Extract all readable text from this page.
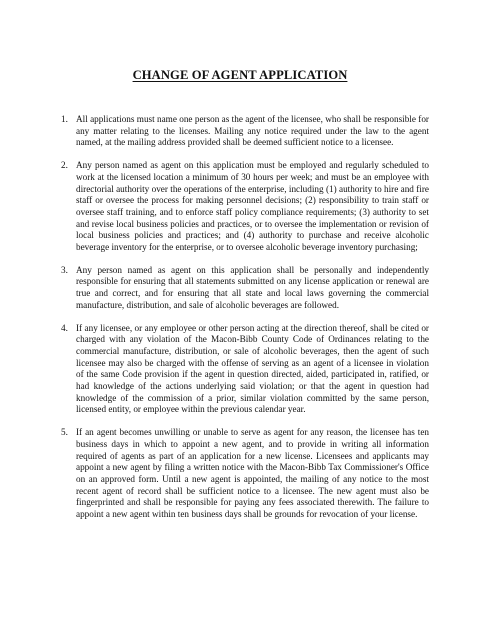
CHANGE OF AGENT APPLICATION
1. All applications must name one person as the agent of the licensee, who shall be responsible for any matter relating to the licenses. Mailing any notice required under the law to the agent named, at the mailing address provided shall be deemed sufficient notice to a licensee.
2. Any person named as agent on this application must be employed and regularly scheduled to work at the licensed location a minimum of 30 hours per week; and must be an employee with directorial authority over the operations of the enterprise, including (1) authority to hire and fire staff or oversee the process for making personnel decisions; (2) responsibility to train staff or oversee staff training, and to enforce staff policy compliance requirements; (3) authority to set and revise local business policies and practices, or to oversee the implementation or revision of local business policies and practices; and (4) authority to purchase and receive alcoholic beverage inventory for the enterprise, or to oversee alcoholic beverage inventory purchasing;
3. Any person named as agent on this application shall be personally and independently responsible for ensuring that all statements submitted on any license application or renewal are true and correct, and for ensuring that all state and local laws governing the commercial manufacture, distribution, and sale of alcoholic beverages are followed.
4. If any licensee, or any employee or other person acting at the direction thereof, shall be cited or charged with any violation of the Macon-Bibb County Code of Ordinances relating to the commercial manufacture, distribution, or sale of alcoholic beverages, then the agent of such licensee may also be charged with the offense of serving as an agent of a licensee in violation of the same Code provision if the agent in question directed, aided, participated in, ratified, or had knowledge of the actions underlying said violation; or that the agent in question had knowledge of the commission of a prior, similar violation committed by the same person, licensed entity, or employee within the previous calendar year.
5. If an agent becomes unwilling or unable to serve as agent for any reason, the licensee has ten business days in which to appoint a new agent, and to provide in writing all information required of agents as part of an application for a new license. Licensees and applicants may appoint a new agent by filing a written notice with the Macon-Bibb Tax Commissioner's Office on an approved form. Until a new agent is appointed, the mailing of any notice to the most recent agent of record shall be sufficient notice to a licensee. The new agent must also be fingerprinted and shall be responsible for paying any fees associated therewith. The failure to appoint a new agent within ten business days shall be grounds for revocation of your license.
